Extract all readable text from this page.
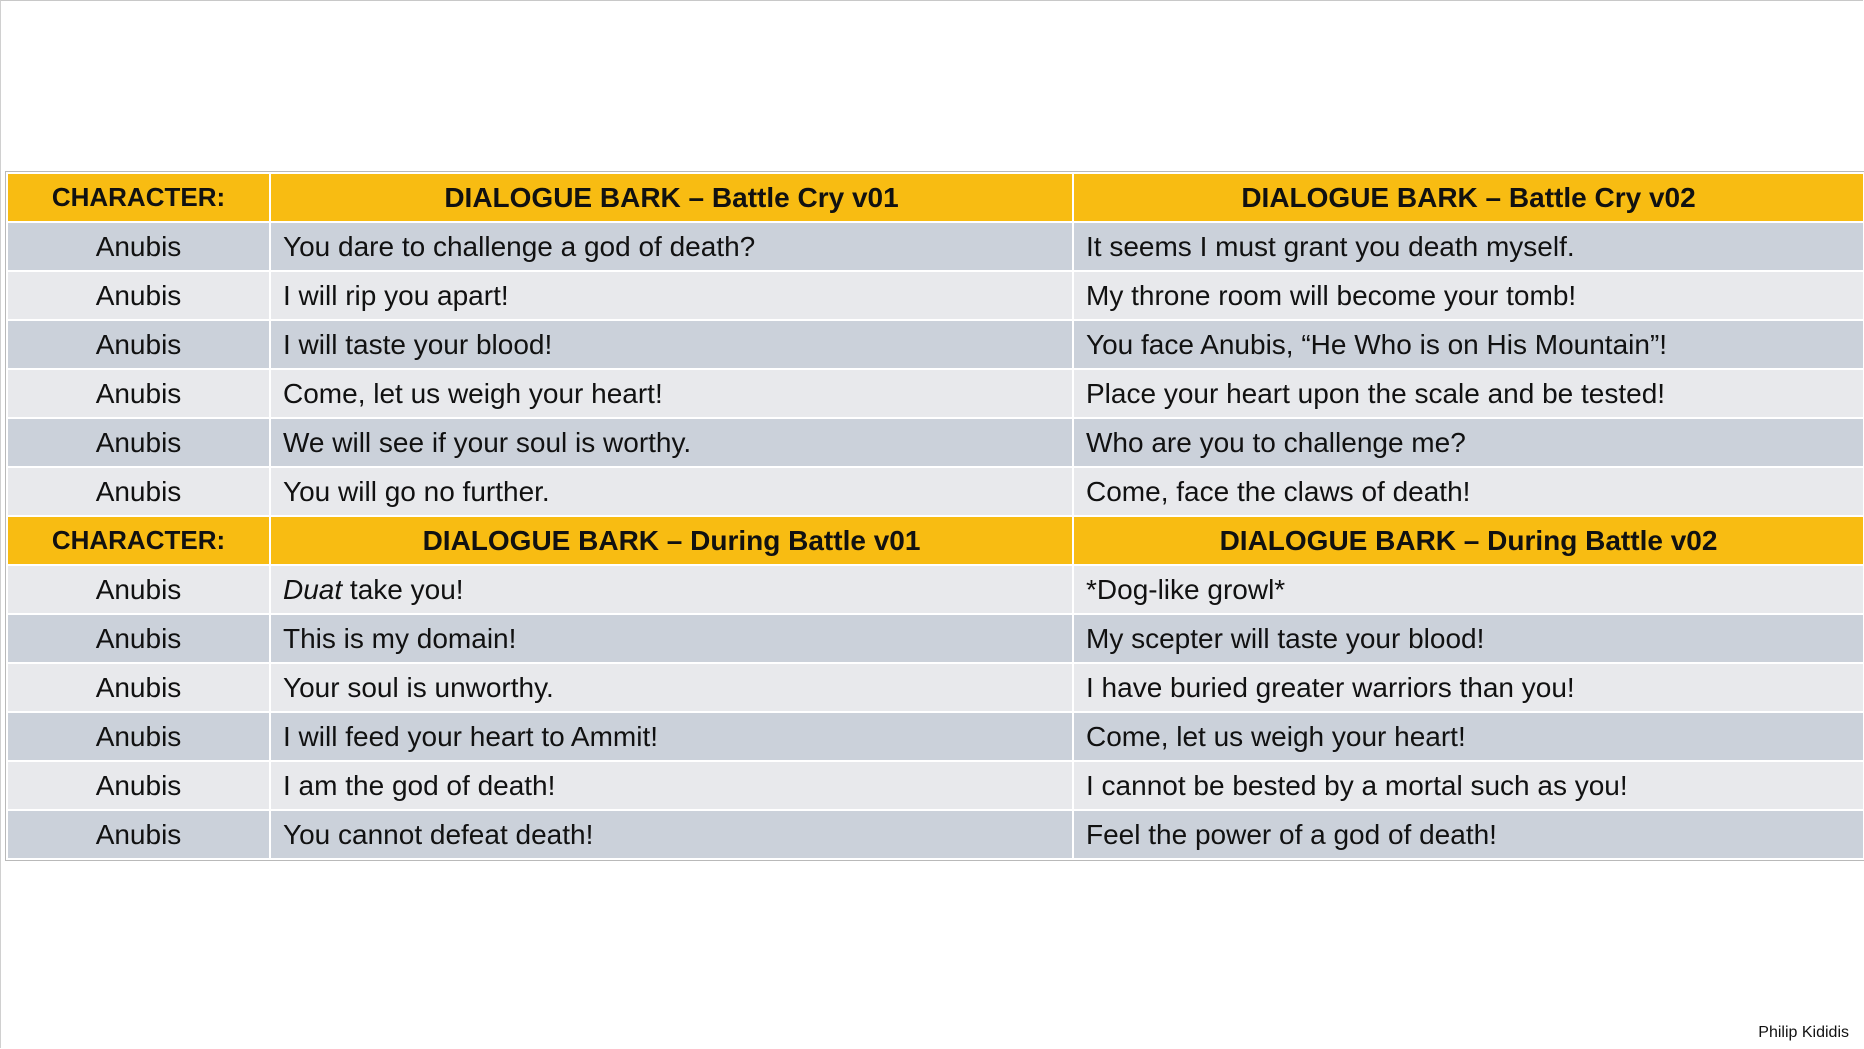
CHARACTER:	DIALOGUE BARK – Battle Cry v01	DIALOGUE BARK – Battle Cry v02
Anubis	You dare to challenge a god of death?	It seems I must grant you death myself.
Anubis	I will rip you apart!	My throne room will become your tomb!
Anubis	I will taste your blood!	You face Anubis, “He Who is on His Mountain”!
Anubis	Come, let us weigh your heart!	Place your heart upon the scale and be tested!
Anubis	We will see if your soul is worthy.	Who are you to challenge me?
Anubis	You will go no further.	Come, face the claws of death!
CHARACTER:	DIALOGUE BARK – During Battle v01	DIALOGUE BARK – During Battle v02
Anubis	Duat take you!	*Dog-like growl*
Anubis	This is my domain!	My scepter will taste your blood!
Anubis	Your soul is unworthy.	I have buried greater warriors than you!
Anubis	I will feed your heart to Ammit!	Come, let us weigh your heart!
Anubis	I am the god of death!	I cannot be bested by a mortal such as you!
Anubis	You cannot defeat death!	Feel the power of a god of death!
Philip Kididis
